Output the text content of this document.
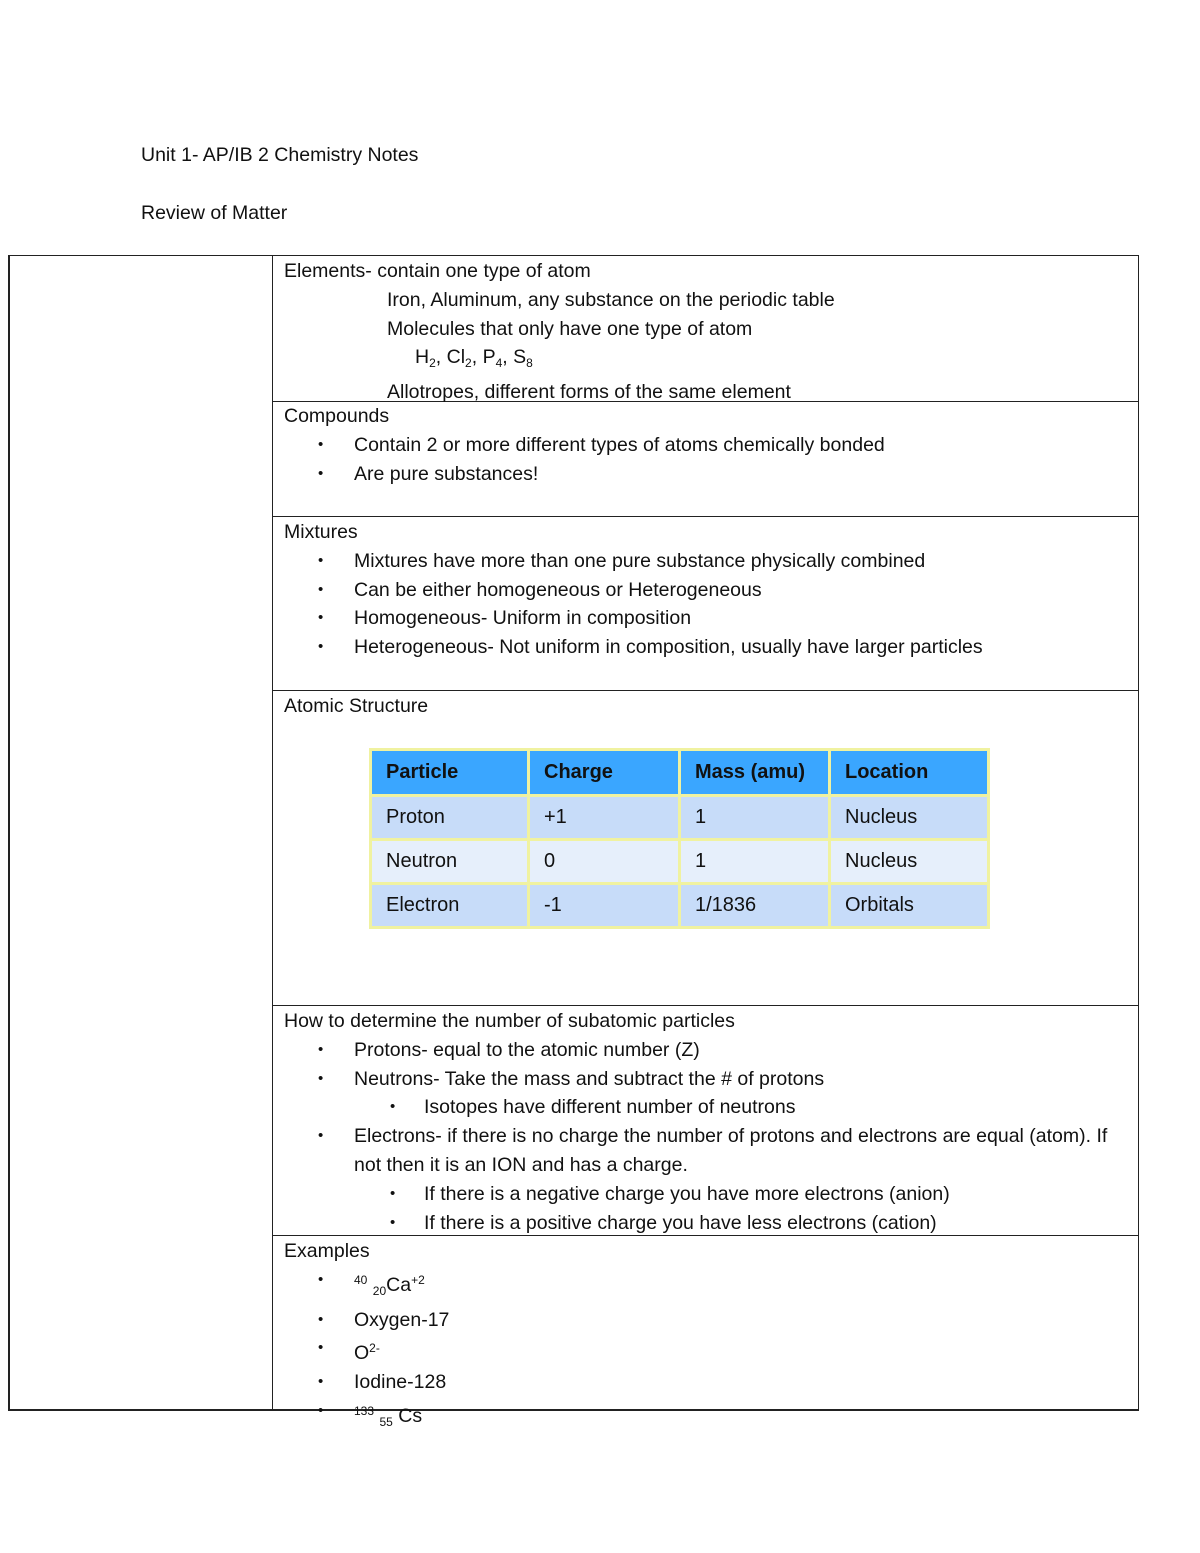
Unit 1- AP/IB 2 Chemistry Notes
Review of Matter
Elements- contain one type of atom
Iron, Aluminum, any substance on the periodic table
Molecules that only have one type of atom
$H_2$, $Cl_2$, $P_4$, $S_8$
Allotropes, different forms of the same element
Compounds
• Contain 2 or more different types of atoms chemically bonded
• Are pure substances!
Mixtures
• Mixtures have more than one pure substance physically combined
• Can be either homogeneous or Heterogeneous
• Homogeneous- Uniform in composition
• Heterogeneous- Not uniform in composition, usually have larger particles
Atomic Structure
Particle	Charge	Mass (amu)	Location
Proton	+1	1	Nucleus
Neutron	0	1	Nucleus
Electron	-1	1/1836	Orbitals
How to determine the number of subatomic particles
• Protons- equal to the atomic number (Z)
• Neutrons- Take the mass and subtract the # of protons
• Isotopes have different number of neutrons
• Electrons- if there is no charge the number of protons and electrons are equal (atom). If not then it is an ION and has a charge.
• If there is a negative charge you have more electrons (anion)
• If there is a positive charge you have less electrons (cation)
Examples
• $^{40}$ $_{20}Ca^{+2}$
• Oxygen-17
• $O^{2-}$
• Iodine-128
• $^{133}$ $_{55}$ Cs
